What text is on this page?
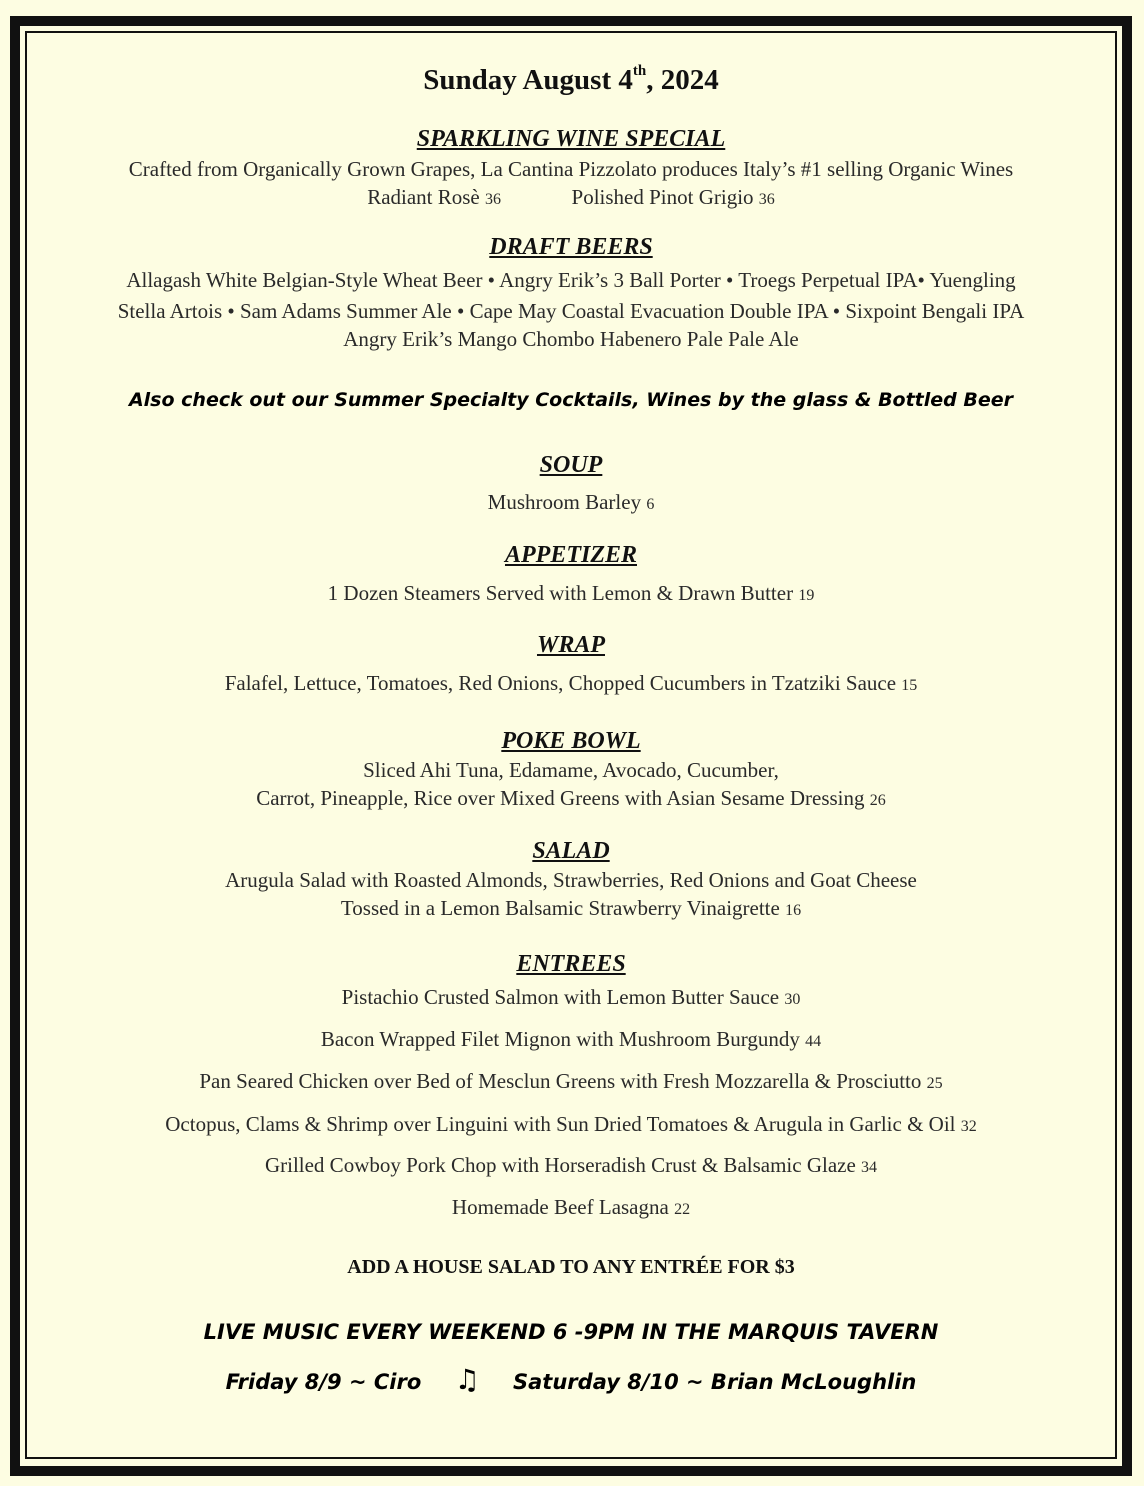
Sunday August 4th, 2024
SPARKLING WINE SPECIAL
Crafted from Organically Grown Grapes, La Cantina Pizzolato produces Italy’s #1 selling Organic Wines
Radiant Rosè 36	Polished Pinot Grigio 36
DRAFT BEERS
Allagash White Belgian-Style Wheat Beer • Angry Erik’s 3 Ball Porter • Troegs Perpetual IPA• Yuengling
Stella Artois • Sam Adams Summer Ale • Cape May Coastal Evacuation Double IPA • Sixpoint Bengali IPA
Angry Erik’s Mango Chombo Habenero Pale Pale Ale
Also check out our Summer Specialty Cocktails, Wines by the glass & Bottled Beer
SOUP
Mushroom Barley 6
APPETIZER
1 Dozen Steamers Served with Lemon & Drawn Butter 19
WRAP
Falafel, Lettuce, Tomatoes, Red Onions, Chopped Cucumbers in Tzatziki Sauce 15
POKE BOWL
Sliced Ahi Tuna, Edamame, Avocado, Cucumber,
Carrot, Pineapple, Rice over Mixed Greens with Asian Sesame Dressing 26
SALAD
Arugula Salad with Roasted Almonds, Strawberries, Red Onions and Goat Cheese
Tossed in a Lemon Balsamic Strawberry Vinaigrette 16
ENTREES
Pistachio Crusted Salmon with Lemon Butter Sauce 30
Bacon Wrapped Filet Mignon with Mushroom Burgundy 44
Pan Seared Chicken over Bed of Mesclun Greens with Fresh Mozzarella & Prosciutto 25
Octopus, Clams & Shrimp over Linguini with Sun Dried Tomatoes & Arugula in Garlic & Oil 32
Grilled Cowboy Pork Chop with Horseradish Crust & Balsamic Glaze 34
Homemade Beef Lasagna 22
ADD A HOUSE SALAD TO ANY ENTRÉE FOR $3
LIVE MUSIC EVERY WEEKEND 6 -9PM IN THE MARQUIS TAVERN
Friday 8/9 ~ Ciro ♫ Saturday 8/10 ~ Brian McLoughlin
